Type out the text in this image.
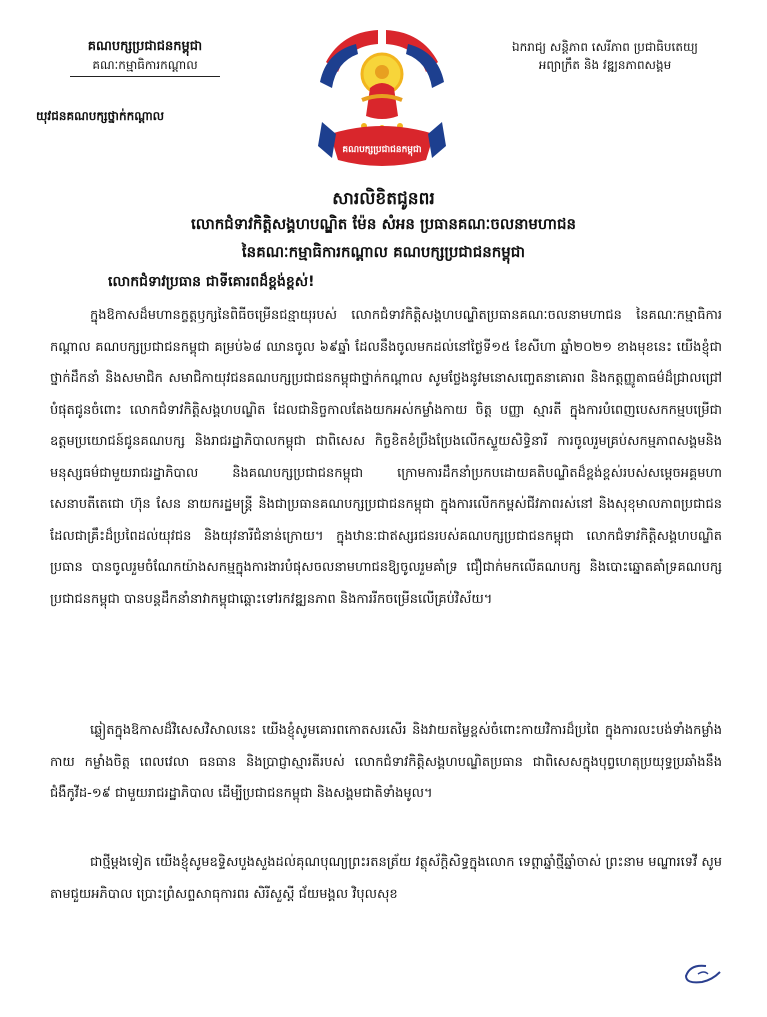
គណបក្សប្រជាជនកម្ពុជា
គណៈកម្មាធិការកណ្តាល
យុវជនគណបក្សថ្នាក់កណ្តាល
គណបក្សប្រជាជនកម្ពុជា
ឯករាជ្យ សន្តិភាព សេរីភាព ប្រជាធិបតេយ្យ
អព្យាក្រឹត និង វឌ្ឍនភាពសង្គម
សារលិខិតជូនពរ
លោកជំទាវកិត្តិសង្គហបណ្ឌិត ម៉ែន សំអន ប្រធានគណៈចលនាមហាជន
នៃគណៈកម្មាធិការកណ្តាល គណបក្សប្រជាជនកម្ពុជា
លោកជំទាវប្រធាន ជាទីគោរពដ៏ខ្ពង់ខ្ពស់!

ក្នុងឱកាសដ៏មហានក្ខត្តឫក្សនៃពិធីចម្រើនជន្មាយុរបស់ លោកជំទាវកិត្តិសង្គហបណ្ឌិតប្រធានគណៈចលនាមហាជន នៃគណៈកម្មាធិការកណ្តាល គណបក្សប្រជាជនកម្ពុជា គម្រប់៦៨ ឈានចូល ៦៩ឆ្នាំ ដែលនឹងចូលមកដល់នៅថ្ងៃទី១៥ ខែសីហា ឆ្នាំ២០២១ ខាងមុខនេះ យើងខ្ញុំជាថ្នាក់ដឹកនាំ និងសមាជិក សមាជិកាយុវជនគណបក្សប្រជាជនកម្ពុជាថ្នាក់កណ្តាល សូមថ្លែងនូវមនោសញ្ចេតនាគោរព និងកត្តញ្ញូតាធម៌ដ៏ជ្រាលជ្រៅបំផុតជូនចំពោះ លោកជំទាវកិត្តិសង្គហបណ្ឌិត ដែលជានិច្ចកាលតែងយកអស់កម្លាំងកាយ ចិត្ត បញ្ញា ស្មារតី ក្នុងការបំពេញបេសកកម្មបម្រើជាឧត្តមប្រយោជន៍ជូនគណបក្ស និងរាជរដ្ឋាភិបាលកម្ពុជា ជាពិសេស កិច្ចខិតខំប្រឹងប្រែងលើកស្ទួយសិទ្ធិនារី ការចូលរួមគ្រប់សកម្មភាពសង្គមនិងមនុស្សធម៌ជាមួយរាជរដ្ឋាភិបាល និងគណបក្សប្រជាជនកម្ពុជា ក្រោមការដឹកនាំប្រកបដោយគតិបណ្ឌិតដ៏ខ្ពង់ខ្ពស់របស់សម្តេចអគ្គមហាសេនាបតីតេជោ ហ៊ុន សែន នាយករដ្ឋមន្ត្រី និងជាប្រធានគណបក្សប្រជាជនកម្ពុជា ក្នុងការលើកកម្ពស់ជីវភាពរស់នៅ និងសុខុមាលភាពប្រជាជន ដែលជាគ្រឹះដ៏ប្រពៃដល់យុវជន និងយុវនារីជំនាន់ក្រោយ។ ក្នុងឋានៈជាឥស្សរជនរបស់គណបក្សប្រជាជនកម្ពុជា លោកជំទាវកិត្តិសង្គហបណ្ឌិតប្រធាន បានចូលរួមចំណែកយ៉ាងសកម្មក្នុងការងារបំផុសចលនាមហាជនឱ្យចូលរួមគាំទ្រ ជឿជាក់មកលើគណបក្ស និងបោះឆ្នោតគាំទ្រគណបក្សប្រជាជនកម្ពុជា បានបន្តដឹកនាំនាវាកម្ពុជាឆ្ពោះទៅរកវឌ្ឍនភាព និងការរីកចម្រើនលើគ្រប់វិស័យ។

ឆ្លៀតក្នុងឱកាសដ៏វិសេសវិសាលនេះ យើងខ្ញុំសូមគោរពកោតសរសើរ និងវាយតម្លៃខ្ពស់ចំពោះកាយវិការដ៏ប្រពៃ ក្នុងការលះបង់ទាំងកម្លាំងកាយ កម្លាំងចិត្ត ពេលវេលា ធនធាន និងប្រាជ្ញាស្មារតីរបស់ លោកជំទាវកិត្តិសង្គហបណ្ឌិតប្រធាន ជាពិសេសក្នុងបុព្វហេតុប្រយុទ្ធប្រឆាំងនឹងជំងឺកូវីដ-១៩ ជាមួយរាជរដ្ឋាភិបាល ដើម្បីប្រជាជនកម្ពុជា និងសង្គមជាតិទាំងមូល។

ជាថ្មីម្តងទៀត យើងខ្ញុំសូមឧទ្ទិសបួងសួងដល់គុណបុណ្យព្រះរតនត្រ័យ វត្ថុស័ក្តិសិទ្ធក្នុងលោក ទេព្តាឆ្នាំថ្មីឆ្នាំចាស់ ព្រះនាម មណ្ឌារទេវី សូមតាមជួយអភិបាល ប្រោះព្រំសព្ទសាធុការពរ សិរីសួស្តី ជ័យមង្គល វិបុលសុខ
